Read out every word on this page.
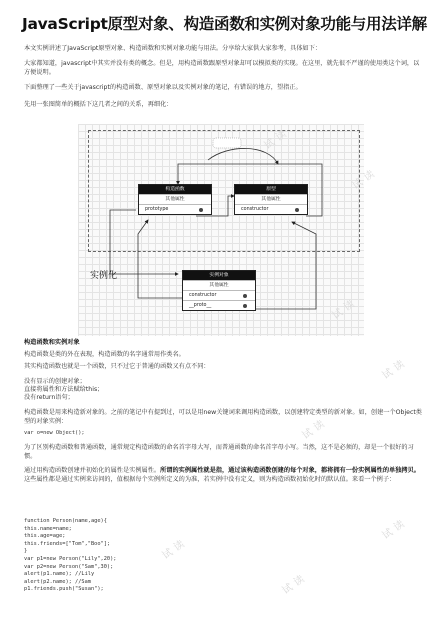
JavaScript原型对象、构造函数和实例对象功能与用法详解

本文实例讲述了JavaScript原型对象、构造函数和实例对象功能与用法。分享给大家供大家参考，具体如下：

大家都知道，javascript中其实并没有类的概念。但是，用构造函数跟原型对象却可以模拟类的实现。在这里，就先很不严谨的使用类这个词，以方便说明。

下面整理了一些关于javascript的构造函数、原型对象以及实例对象的笔记，有错误的地方，望指正。

先用一张图简单的概括下这几者之间的关系，再细化：

构造函数
其他属性
prototype
原型
其他属性
constructor
实例对象
其他属性
constructor
__proto__
实例化

构造函数和实例对象

构造函数是类的外在表现，构造函数的名字通常用作类名。

其实构造函数也就是一个函数，只不过它于普通的函数又有点不同：

没有显示的创建对象；

直接将属性和方法赋给this；

没有return语句；

构造函数是用来构造新对象的。之前的笔记中有提到过，可以是用new关键词来调用构造函数，以创建特定类型的新对象。如，创建一个Object类型的对象实例：

var o=new Object();

为了区别构造函数和普通函数，通常规定构造函数的命名首字母大写，而普通函数的命名首字母小写。当然，这不是必须的，却是一个很好的习惯。

通过用构造函数创建并初始化的属性是实例属性。所谓的实例属性就是指，通过该构造函数创建的每个对象，都将拥有一份实例属性的单独拷贝。这些属性都是通过实例来访问的，值根据每个实例所定义的为准，若实例中没有定义，则为构造函数初始化时的默认值。来看一个例子：

function Person(name,age){
this.name=name;
this.age=age;
this.friends=["Tom","Boo"];
}
var p1=new Person("Lily",20);
var p2=new Person("Sam",30);
alert(p1.name); //Lily
alert(p2.name); //Sam
p1.friends.push("Susan");
试读
试读
试读
试读
试读
试读
试读
试读
